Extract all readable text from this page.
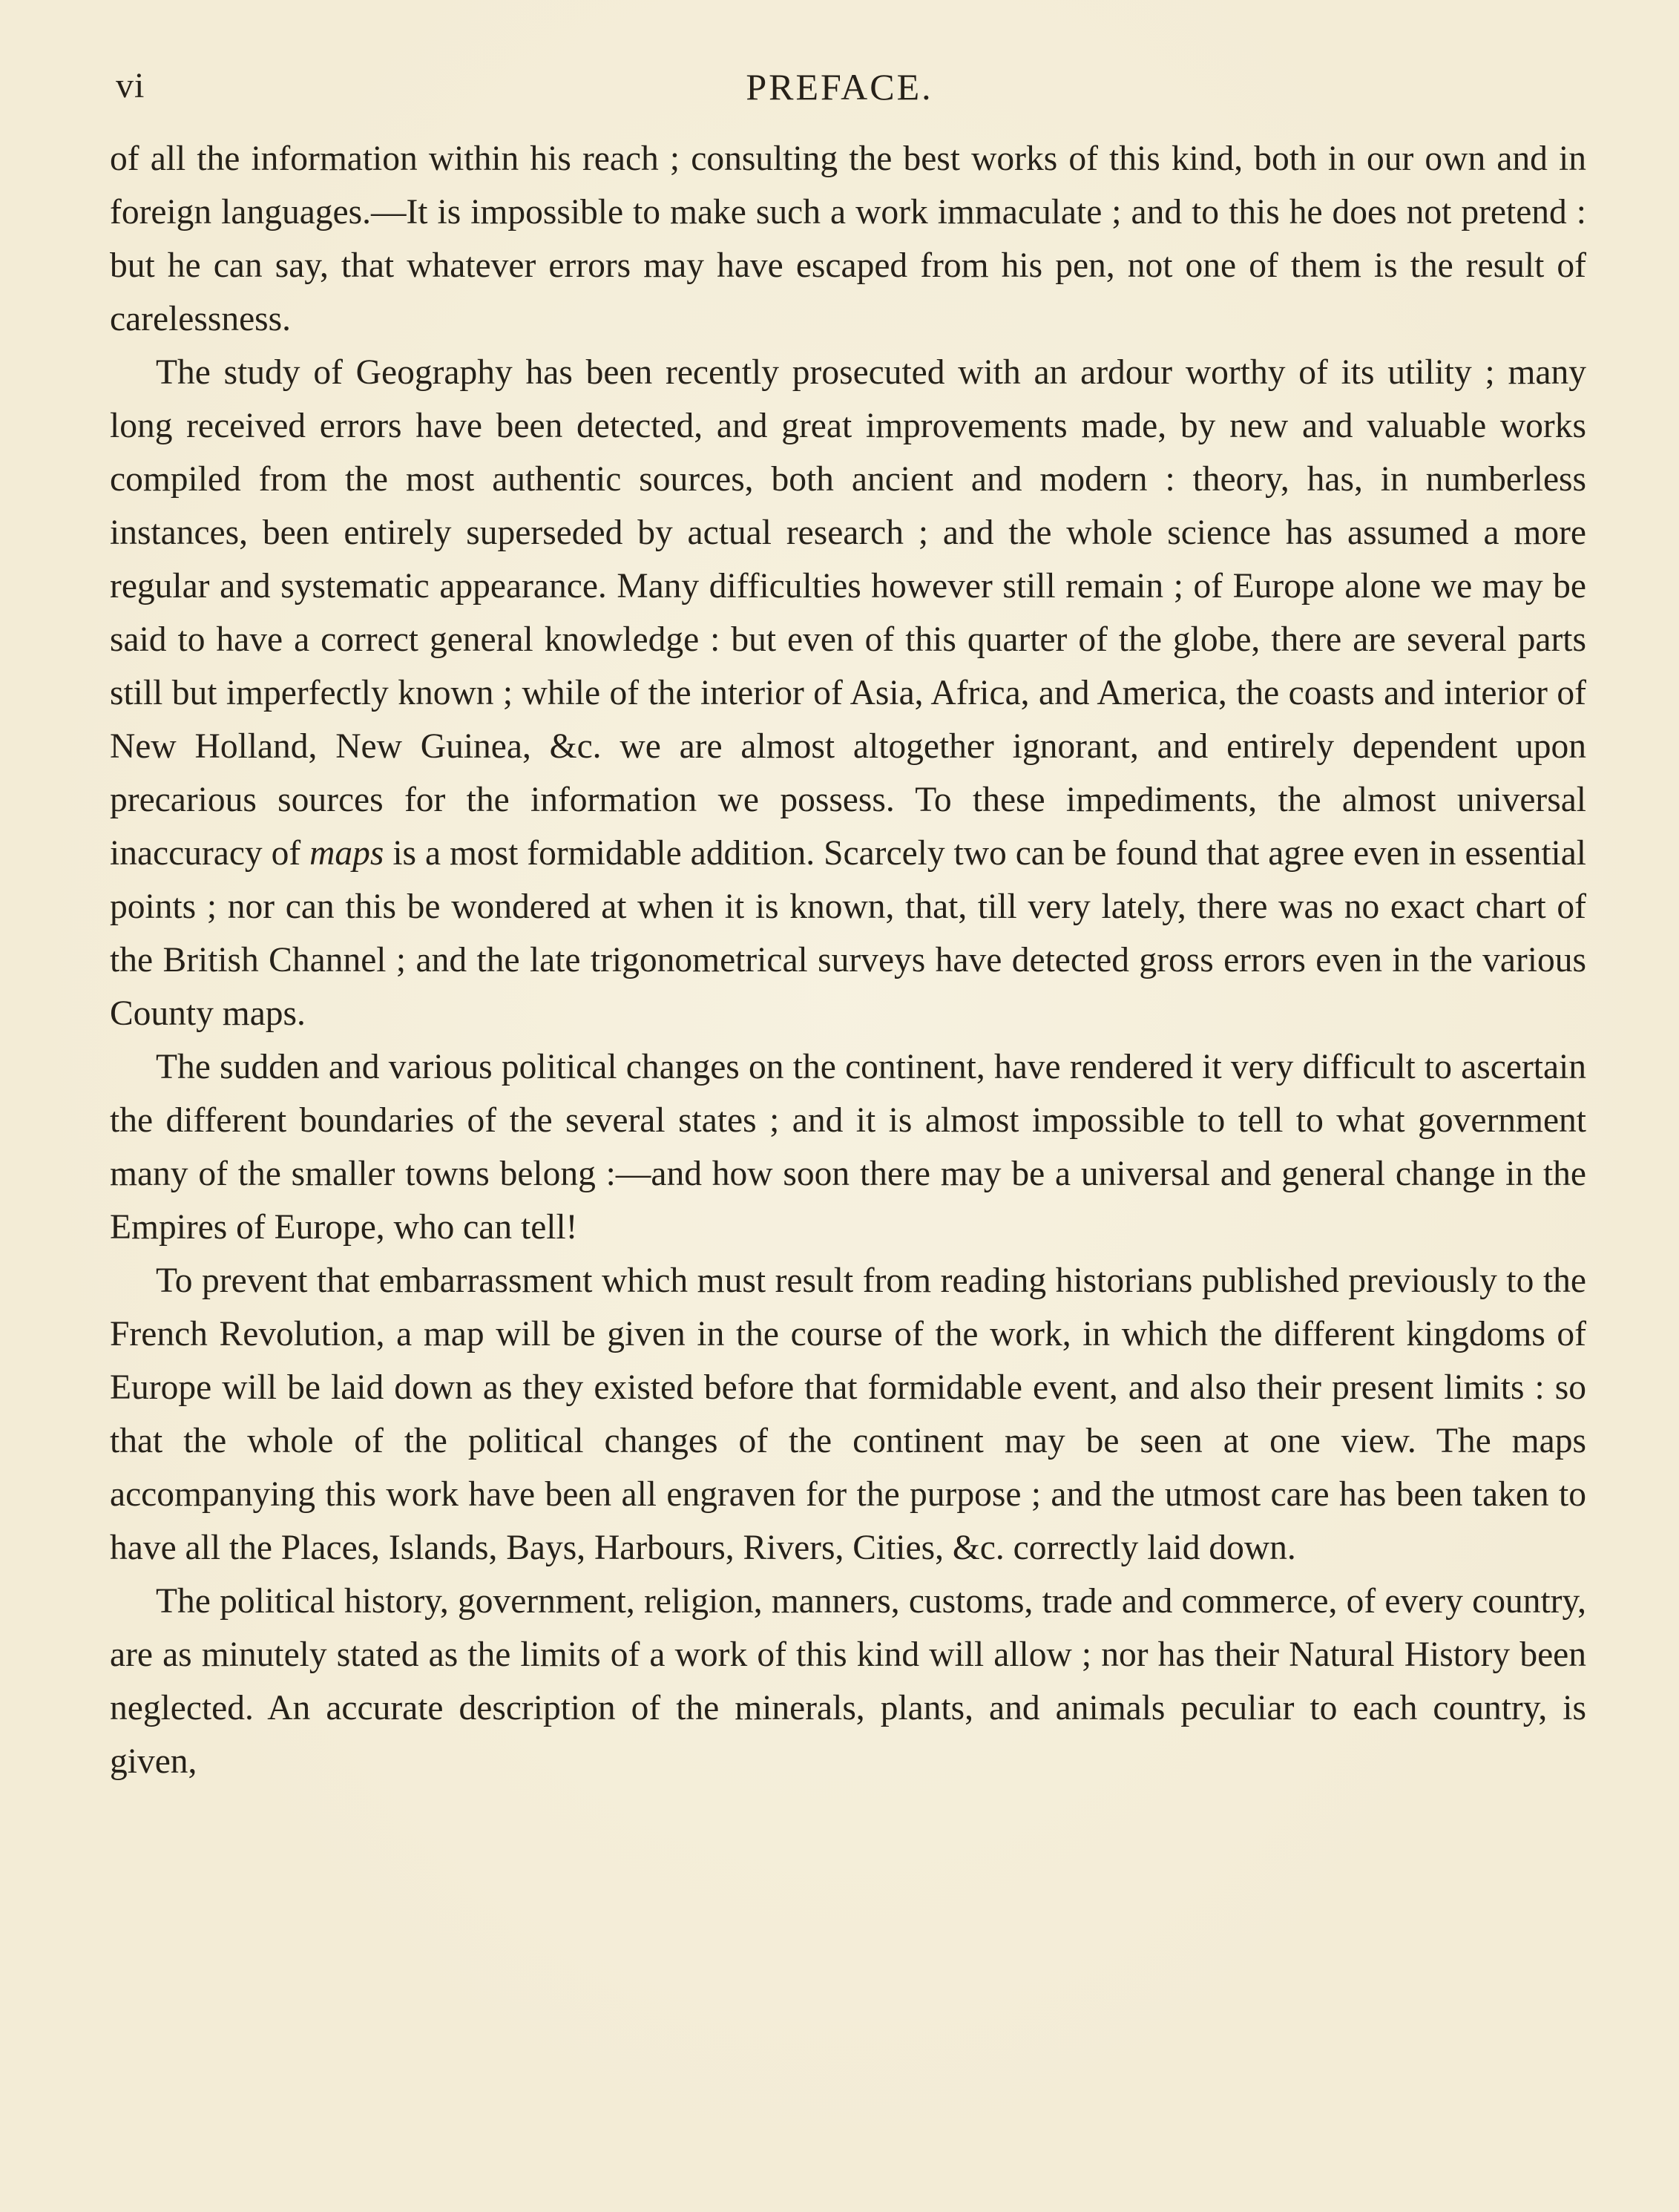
vi	PREFACE.

of all the information within his reach ; consulting the best works of this kind, both in our own and in foreign languages.—It is impossible to make such a work immaculate ; and to this he does not pretend : but he can say, that whatever errors may have escaped from his pen, not one of them is the result of carelessness.

The study of Geography has been recently prosecuted with an ardour worthy of its utility ; many long received errors have been detected, and great improvements made, by new and valuable works compiled from the most authentic sources, both ancient and modern : theory, has, in numberless instances, been entirely superseded by actual research ; and the whole science has assumed a more regular and systematic appearance. Many difficulties however still remain ; of Europe alone we may be said to have a correct general knowledge : but even of this quarter of the globe, there are several parts still but imperfectly known ; while of the interior of Asia, Africa, and America, the coasts and interior of New Holland, New Guinea, &c. we are almost altogether ignorant, and entirely dependent upon precarious sources for the information we possess. To these impediments, the almost universal inaccuracy of maps is a most formidable addition. Scarcely two can be found that agree even in essential points ; nor can this be wondered at when it is known, that, till very lately, there was no exact chart of the British Channel ; and the late trigonometrical surveys have detected gross errors even in the various County maps.

The sudden and various political changes on the continent, have rendered it very difficult to ascertain the different boundaries of the several states ; and it is almost impossible to tell to what government many of the smaller towns belong :—and how soon there may be a universal and general change in the Empires of Europe, who can tell!

To prevent that embarrassment which must result from reading historians published previously to the French Revolution, a map will be given in the course of the work, in which the different kingdoms of Europe will be laid down as they existed before that formidable event, and also their present limits : so that the whole of the political changes of the continent may be seen at one view. The maps accompanying this work have been all engraven for the purpose ; and the utmost care has been taken to have all the Places, Islands, Bays, Harbours, Rivers, Cities, &c. correctly laid down.

The political history, government, religion, manners, customs, trade and commerce, of every country, are as minutely stated as the limits of a work of this kind will allow ; nor has their Natural History been neglected. An accurate description of the minerals, plants, and animals peculiar to each country, is given,
